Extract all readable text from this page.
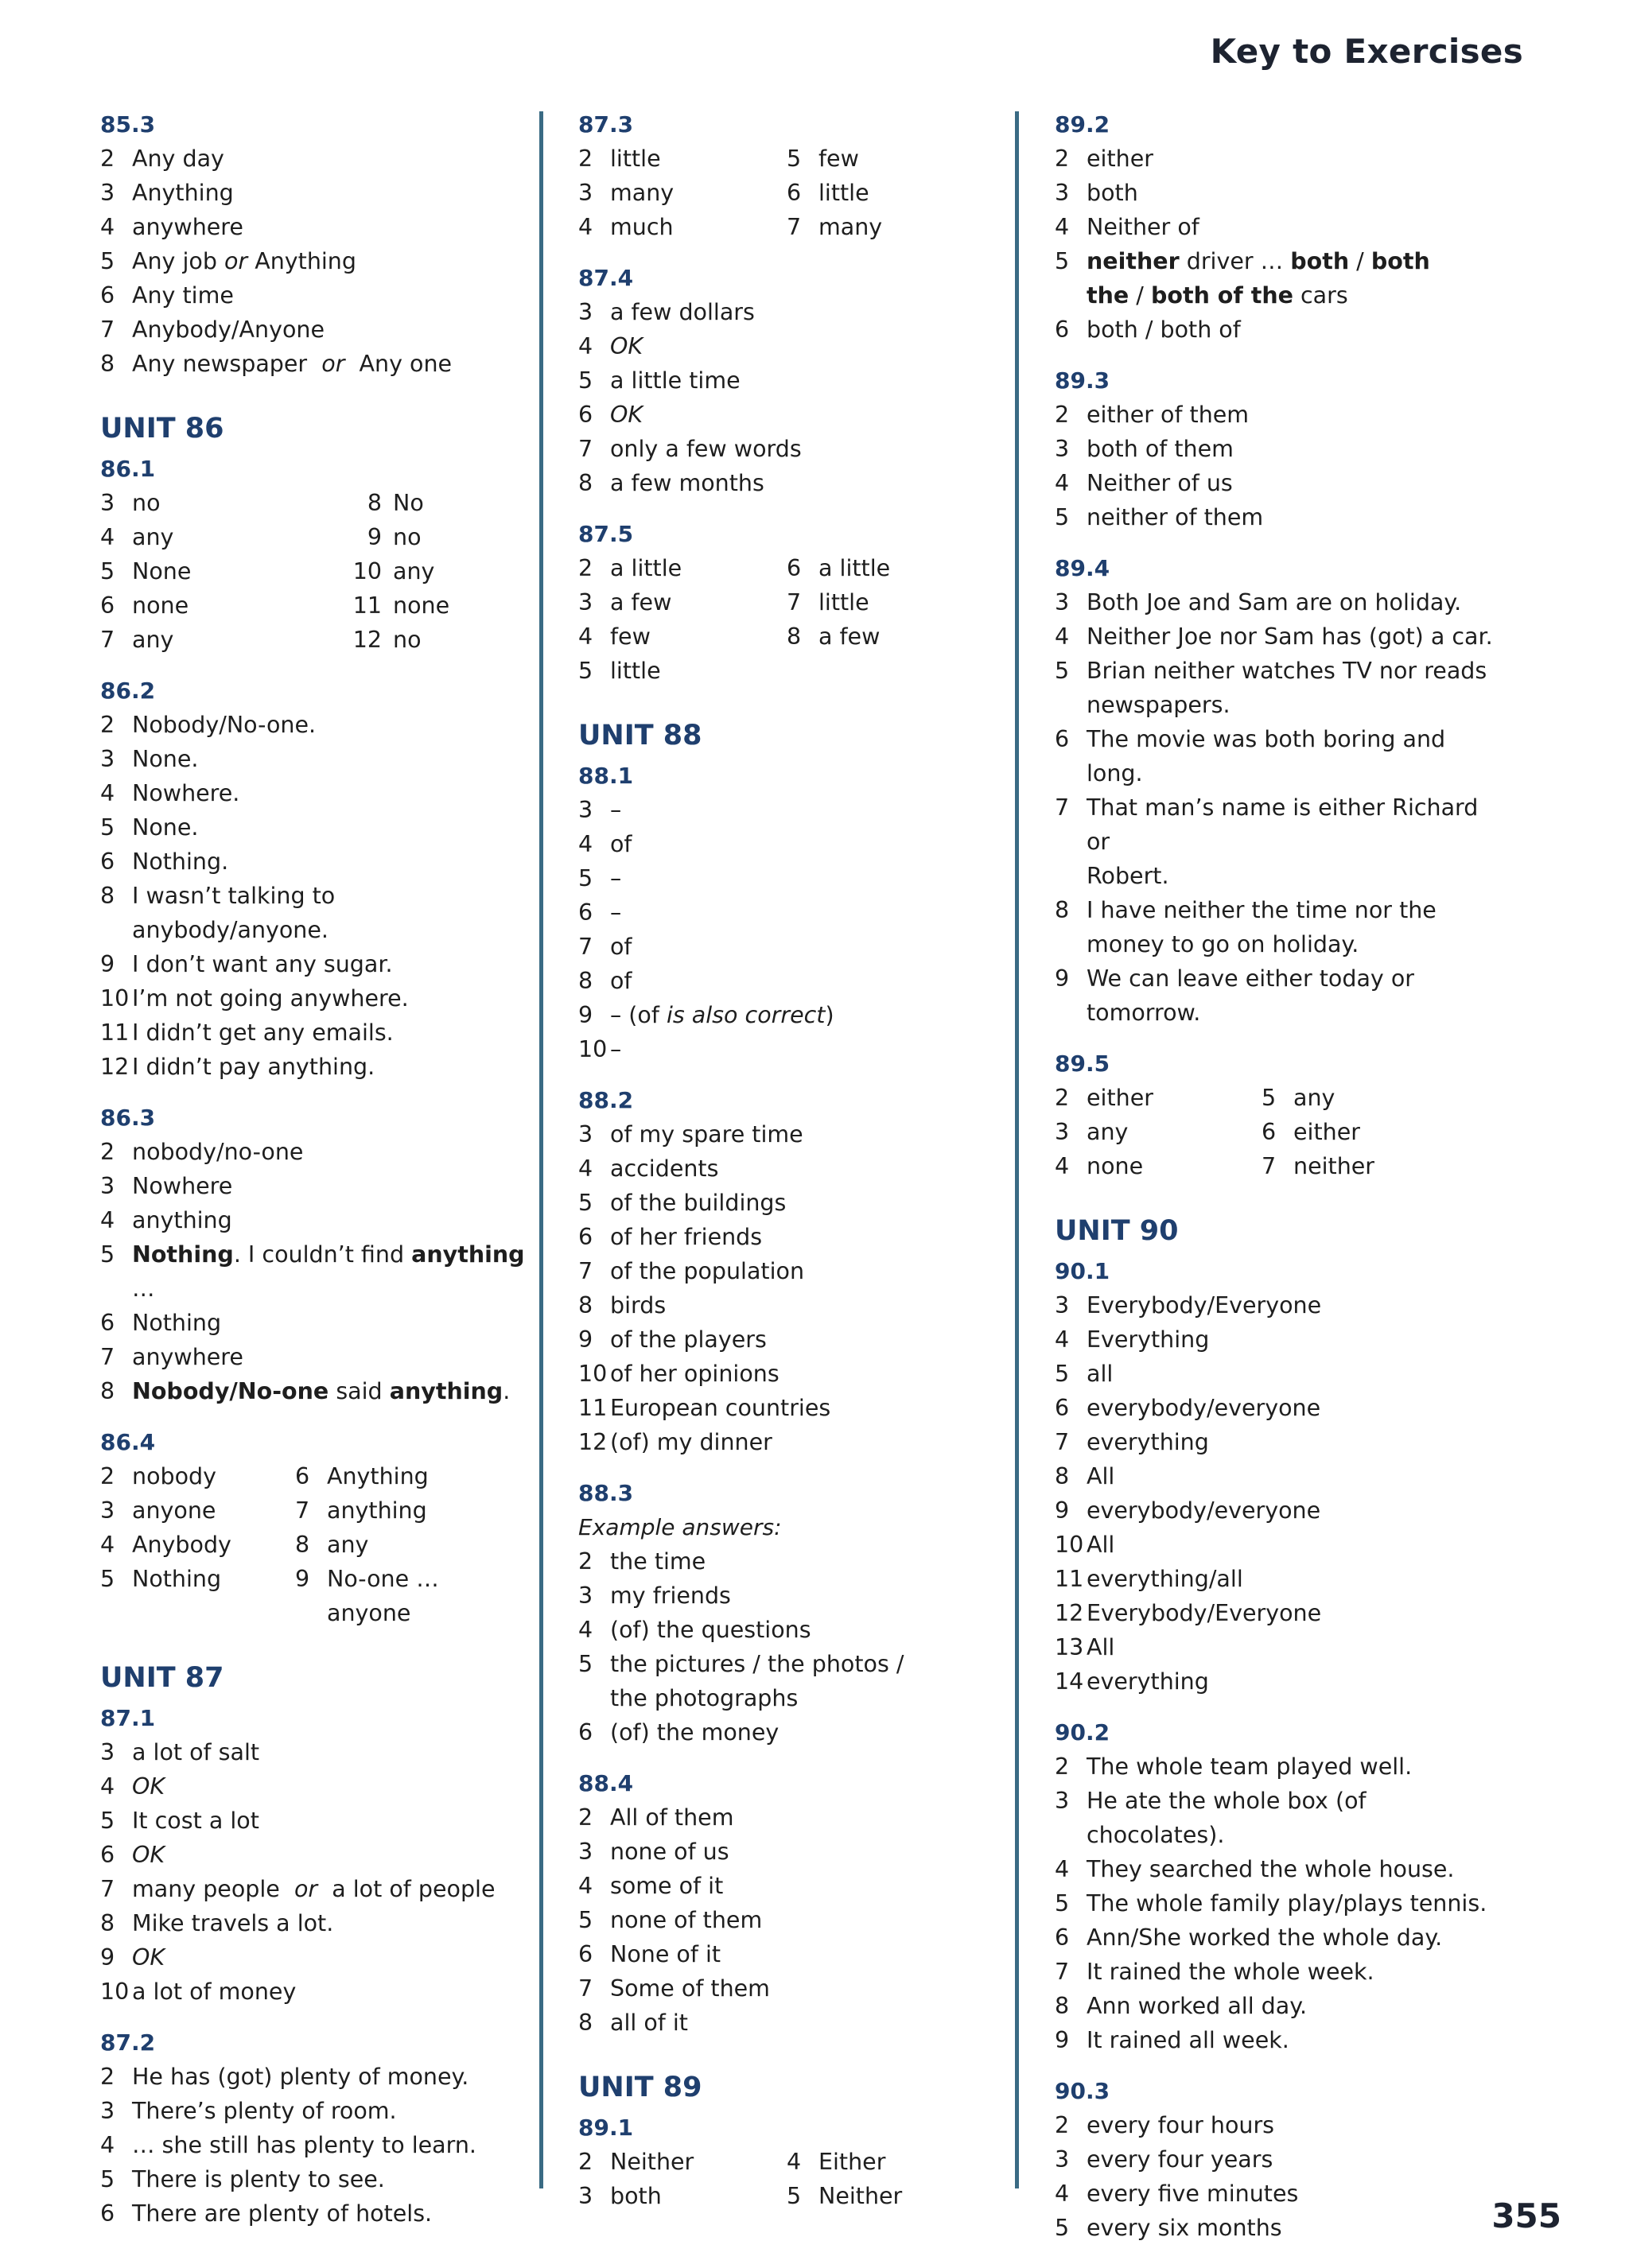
Key to Exercises
85.3
2 Any day
3 Anything
4 anywhere
5 Any job or Anything
6 Any time
7 Anybody/Anyone
8 Any newspaper or Any one
UNIT 86
86.1
3 no
4 any
5 None
6 none
7 any
8 No
9 no
10 any
11 none
12 no
86.2
2 Nobody/No-one.
3 None.
4 Nowhere.
5 None.
6 Nothing.
8 I wasn’t talking to anybody/anyone.
9 I don’t want any sugar.
10 I’m not going anywhere.
11 I didn’t get any emails.
12 I didn’t pay anything.
86.3
2 nobody/no-one
3 Nowhere
4 anything
5 Nothing. I couldn’t find anything …
6 Nothing
7 anywhere
8 Nobody/No-one said anything.
86.4
2 nobody
3 anyone
4 Anybody
5 Nothing
6 Anything
7 anything
8 any
9 No-one … anyone
UNIT 87
87.1
3 a lot of salt
4 OK
5 It cost a lot
6 OK
7 many people or a lot of people
8 Mike travels a lot.
9 OK
10 a lot of money
87.2
2 He has (got) plenty of money.
3 There’s plenty of room.
4 … she still has plenty to learn.
5 There is plenty to see.
6 There are plenty of hotels.
87.3
2 little
3 many
4 much
5 few
6 little
7 many
87.4
3 a few dollars
4 OK
5 a little time
6 OK
7 only a few words
8 a few months
87.5
2 a little
3 a few
4 few
5 little
6 a little
7 little
8 a few
UNIT 88
88.1
3 –
4 of
5 –
6 –
7 of
8 of
9 – (of is also correct)
10 –
88.2
3 of my spare time
4 accidents
5 of the buildings
6 of her friends
7 of the population
8 birds
9 of the players
10 of her opinions
11 European countries
12 (of) my dinner
88.3
Example answers:
2 the time
3 my friends
4 (of) the questions
5 the pictures / the photos /
the photographs
6 (of) the money
88.4
2 All of them
3 none of us
4 some of it
5 none of them
6 None of it
7 Some of them
8 all of it
UNIT 89
89.1
2 Neither
3 both
4 Either
5 Neither
89.2
2 either
3 both
4 Neither of
5 neither driver … both / both
the / both of the cars
6 both / both of
89.3
2 either of them
3 both of them
4 Neither of us
5 neither of them
89.4
3 Both Joe and Sam are on holiday.
4 Neither Joe nor Sam has (got) a car.
5 Brian neither watches TV nor reads
newspapers.
6 The movie was both boring and
long.
7 That man’s name is either Richard or
Robert.
8 I have neither the time nor the
money to go on holiday.
9 We can leave either today or
tomorrow.
89.5
2 either
3 any
4 none
5 any
6 either
7 neither
UNIT 90
90.1
3 Everybody/Everyone
4 Everything
5 all
6 everybody/everyone
7 everything
8 All
9 everybody/everyone
10 All
11 everything/all
12 Everybody/Everyone
13 All
14 everything
90.2
2 The whole team played well.
3 He ate the whole box (of
chocolates).
4 They searched the whole house.
5 The whole family play/plays tennis.
6 Ann/She worked the whole day.
7 It rained the whole week.
8 Ann worked all day.
9 It rained all week.
90.3
2 every four hours
3 every four years
4 every five minutes
5 every six months	355
